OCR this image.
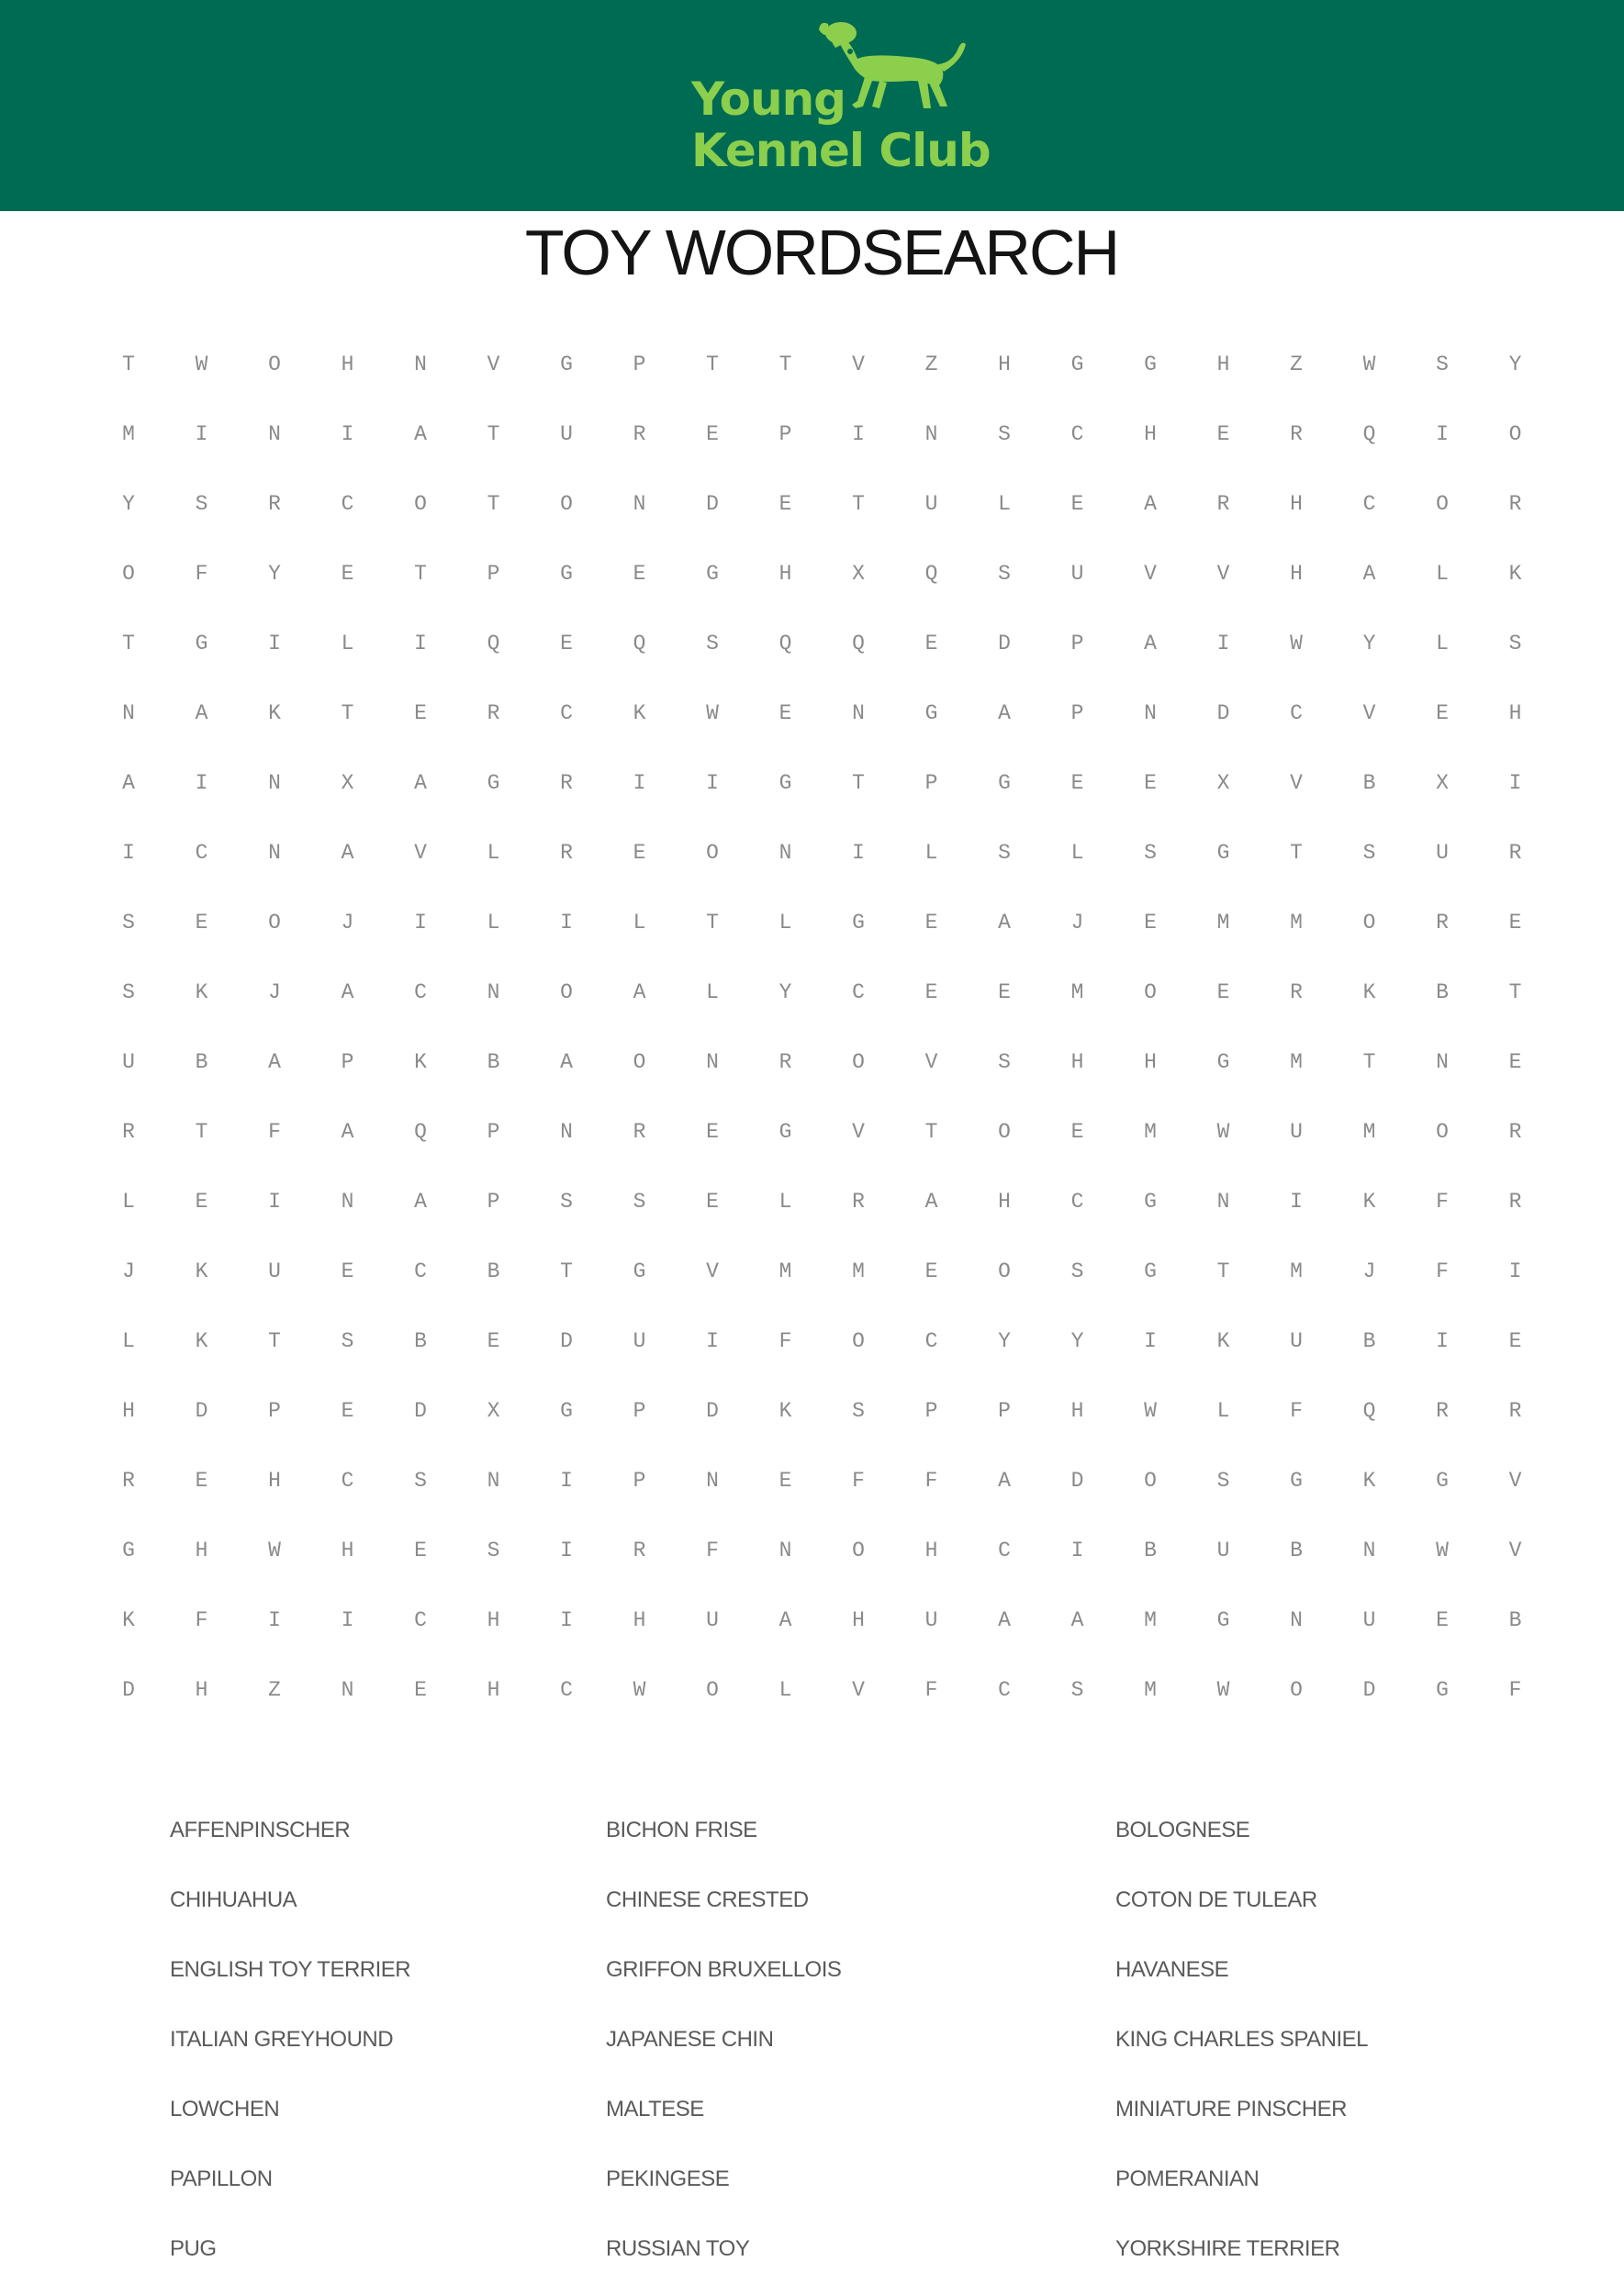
Young
Kennel Club
TOY WORDSEARCH
T	W	O	H	N	V	G	P	T	T	V	Z	H	G	G	H	Z	W	S	Y
M	I	N	I	A	T	U	R	E	P	I	N	S	C	H	E	R	Q	I	O
Y	S	R	C	O	T	O	N	D	E	T	U	L	E	A	R	H	C	O	R
O	F	Y	E	T	P	G	E	G	H	X	Q	S	U	V	V	H	A	L	K
T	G	I	L	I	Q	E	Q	S	Q	Q	E	D	P	A	I	W	Y	L	S
N	A	K	T	E	R	C	K	W	E	N	G	A	P	N	D	C	V	E	H
A	I	N	X	A	G	R	I	I	G	T	P	G	E	E	X	V	B	X	I
I	C	N	A	V	L	R	E	O	N	I	L	S	L	S	G	T	S	U	R
S	E	O	J	I	L	I	L	T	L	G	E	A	J	E	M	M	O	R	E
S	K	J	A	C	N	O	A	L	Y	C	E	E	M	O	E	R	K	B	T
U	B	A	P	K	B	A	O	N	R	O	V	S	H	H	G	M	T	N	E
R	T	F	A	Q	P	N	R	E	G	V	T	O	E	M	W	U	M	O	R
L	E	I	N	A	P	S	S	E	L	R	A	H	C	G	N	I	K	F	R
J	K	U	E	C	B	T	G	V	M	M	E	O	S	G	T	M	J	F	I
L	K	T	S	B	E	D	U	I	F	O	C	Y	Y	I	K	U	B	I	E
H	D	P	E	D	X	G	P	D	K	S	P	P	H	W	L	F	Q	R	R
R	E	H	C	S	N	I	P	N	E	F	F	A	D	O	S	G	K	G	V
G	H	W	H	E	S	I	R	F	N	O	H	C	I	B	U	B	N	W	V
K	F	I	I	C	H	I	H	U	A	H	U	A	A	M	G	N	U	E	B
D	H	Z	N	E	H	C	W	O	L	V	F	C	S	M	W	O	D	G	F
AFFENPINSCHER	BICHON FRISE	BOLOGNESE
CHIHUAHUA	CHINESE CRESTED	COTON DE TULEAR
ENGLISH TOY TERRIER	GRIFFON BRUXELLOIS	HAVANESE
ITALIAN GREYHOUND	JAPANESE CHIN	KING CHARLES SPANIEL
LOWCHEN	MALTESE	MINIATURE PINSCHER
PAPILLON	PEKINGESE	POMERANIAN
PUG	RUSSIAN TOY	YORKSHIRE TERRIER
